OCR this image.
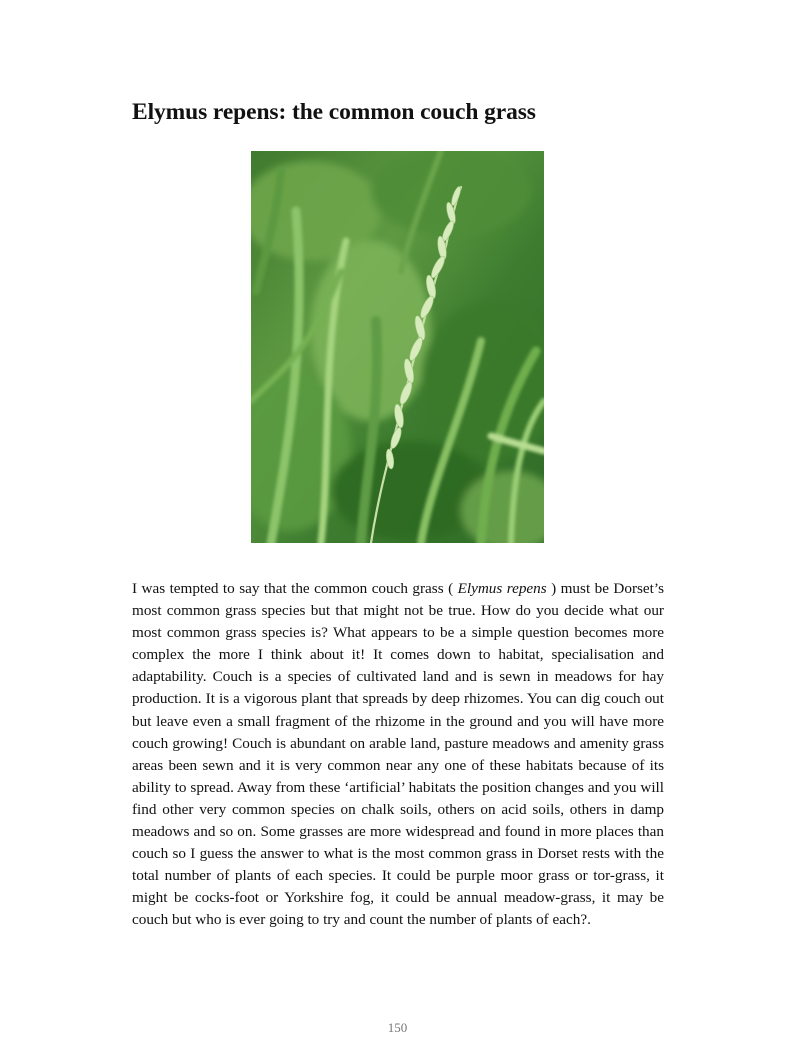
Elymus repens: the common couch grass

I was tempted to say that the common couch grass ( Elymus repens ) must be Dorset’s most common grass species but that might not be true. How do you decide what our most common grass species is? What appears to be a simple question becomes more complex the more I think about it! It comes down to habitat, specialisation and adaptability. Couch is a species of cultivated land and is sewn in meadows for hay production. It is a vigorous plant that spreads by deep rhizomes. You can dig couch out but leave even a small fragment of the rhizome in the ground and you will have more couch growing! Couch is abundant on arable land, pasture meadows and amenity grass areas been sewn and it is very common near any one of these habitats because of its ability to spread. Away from these ‘artificial’ habitats the position changes and you will find other very common species on chalk soils, others on acid soils, others in damp meadows and so on. Some grasses are more widespread and found in more places than couch so I guess the answer to what is the most common grass in Dorset rests with the total number of plants of each species. It could be purple moor grass or tor-grass, it might be cocks-foot or Yorkshire fog, it could be annual meadow-grass, it may be couch but who is ever going to try and count the number of plants of each?.

150
